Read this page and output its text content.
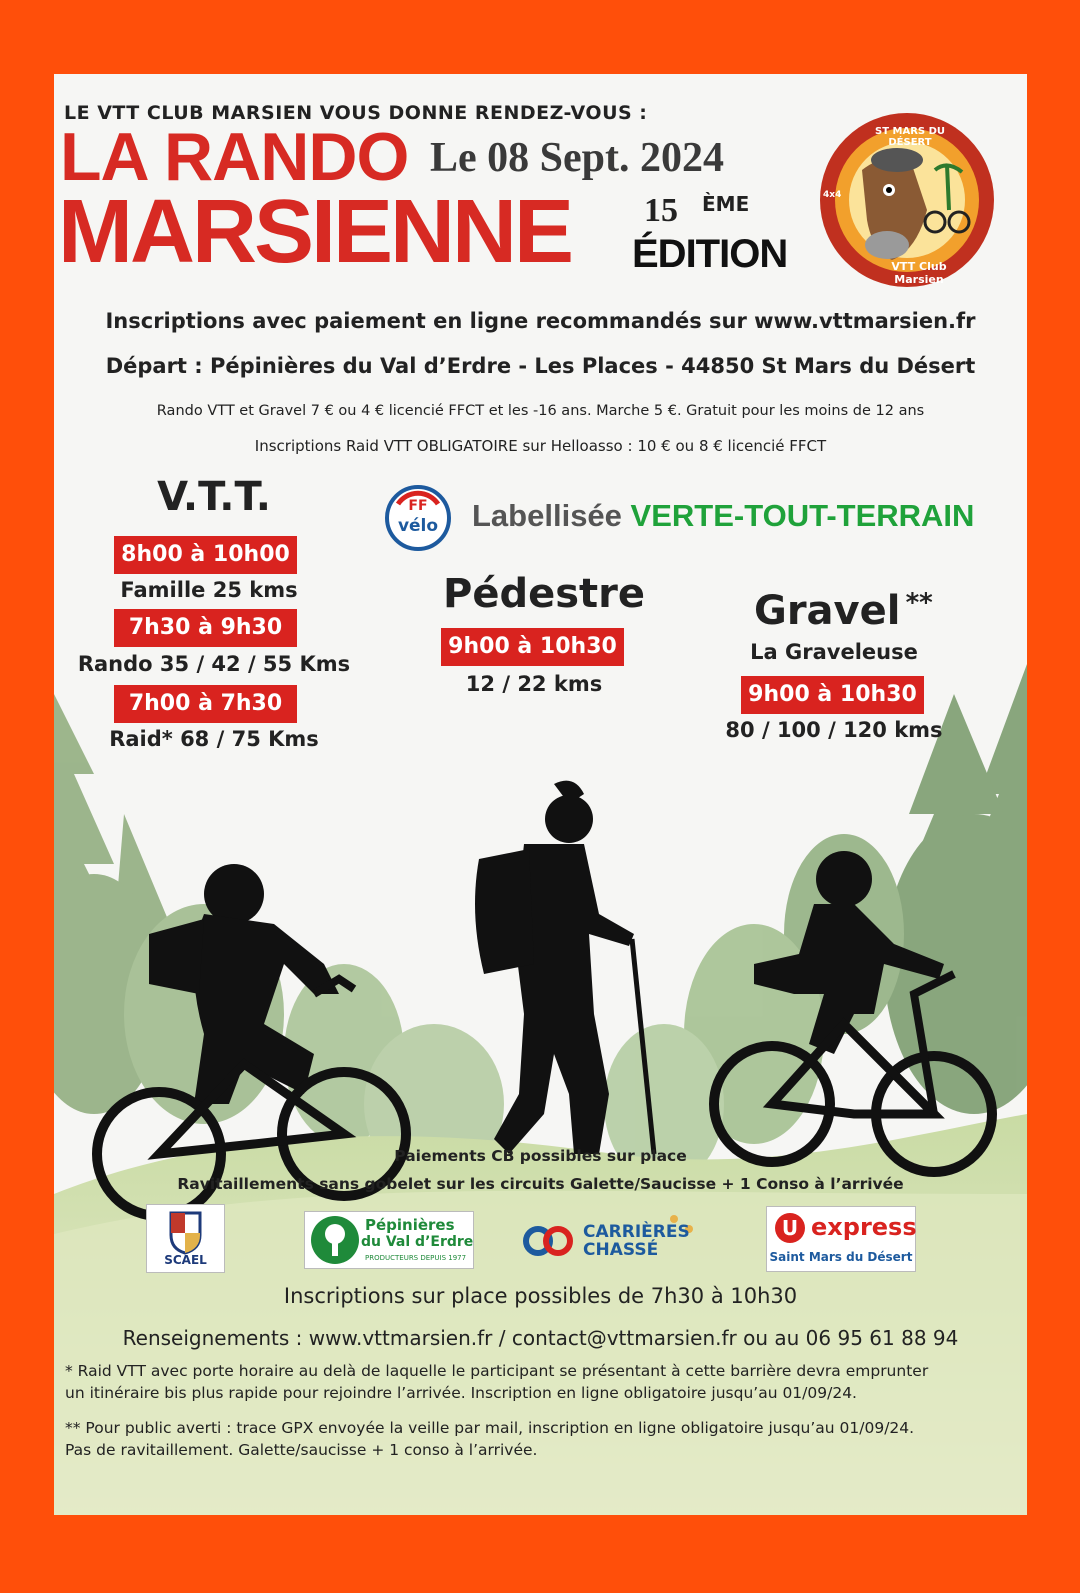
LE VTT CLUB MARSIEN VOUS DONNE RENDEZ-VOUS :
LA RANDO Le 08 Sept. 2024
MARSIENNE 15 ÈME
ÉDITION
ST MARS DU DÉSERT
VTT Club Marsien
4x4
Inscriptions avec paiement en ligne recommandés sur www.vttmarsien.fr
Départ : Pépinières du Val d’Erdre - Les Places - 44850 St Mars du Désert
Rando VTT et Gravel 7 € ou 4 € licencié FFCT et les -16 ans. Marche 5 €. Gratuit pour les moins de 12 ans
Inscriptions Raid VTT OBLIGATOIRE sur Helloasso : 10 € ou 8 € licencié FFCT
FF
vélo	Labellisée VERTE-TOUT-TERRAIN
V.T.T.
8h00 à 10h00
Famille 25 kms
7h30 à 9h30
Rando 35 / 42 / 55 Kms
7h00 à 7h30
Raid* 68 / 75 Kms
Pédestre
9h00 à 10h30
12 / 22 kms
Gravel **
La Graveleuse
9h00 à 10h30
80 / 100 / 120 kms
Paiements CB possibles sur place
Ravitaillements sans gobelet sur les circuits Galette/Saucisse + 1 Conso à l’arrivée
SCAEL
Pépinières
du Val d’Erdre
PRODUCTEURS DEPUIS 1977
CARRIÈRES
CHASSÉ
U express
Saint Mars du Désert
Inscriptions sur place possibles de 7h30 à 10h30
Renseignements : www.vttmarsien.fr / contact@vttmarsien.fr ou au 06 95 61 88 94
* Raid VTT avec porte horaire au delà de laquelle le participant se présentant à cette barrière devra emprunter
un itinéraire bis plus rapide pour rejoindre l’arrivée. Inscription en ligne obligatoire jusqu’au 01/09/24.
** Pour public averti : trace GPX envoyée la veille par mail, inscription en ligne obligatoire jusqu’au 01/09/24.
Pas de ravitaillement. Galette/saucisse + 1 conso à l’arrivée.
